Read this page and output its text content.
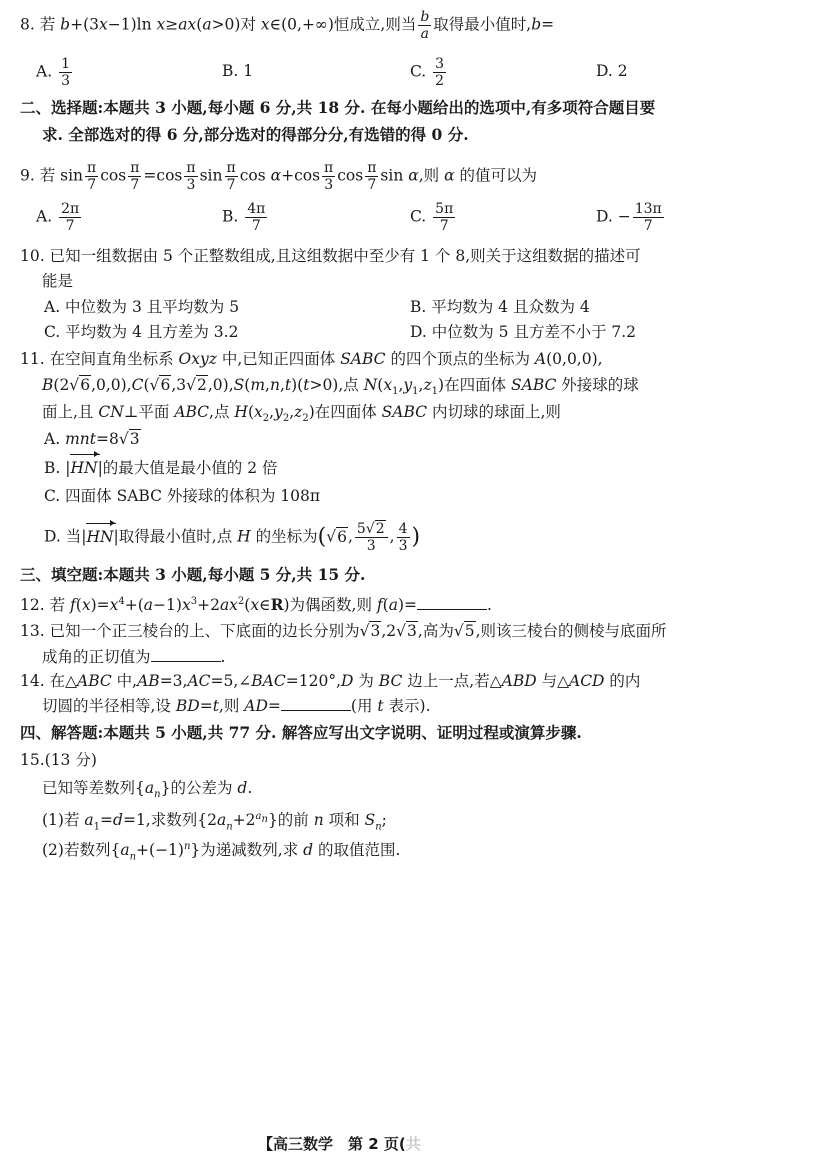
8. 若 b+(3x−1)ln x≥ax(a>0)对 x∈(0,+∞)恒成立,则当 $\frac{b}{a}$ 取得最小值时,b=
A. $\frac{1}{3}$	B. 1	C. $\frac{3}{2}$	D. 2
二、选择题:本题共 3 小题,每小题 6 分,共 18 分. 在每小题给出的选项中,有多项符合题目要
求. 全部选对的得 6 分,部分选对的得部分分,有选错的得 0 分.
9. 若 $\sin \frac{\pi}{7}$ $\cos \frac{\pi}{7} =\cos \frac{\pi}{3}$ $\sin \frac{\pi}{7}$ $\cos \alpha+\cos \frac{\pi}{3}$ $\cos \frac{\pi}{7}$ sin α,则 α 的值可以为
A. $\frac{2\pi}{7}$	B. $\frac{4\pi}{7}$	C. $\frac{5\pi}{7}$	D. − $\frac{13\pi}{7}$
10. 已知一组数据由 5 个正整数组成,且这组数据中至少有 1 个 8,则关于这组数据的描述可
能是
A. 中位数为 3 且平均数为 5	B. 平均数为 4 且众数为 4
C. 平均数为 4 且方差为 3.2	D. 中位数为 5 且方差不小于 7.2
11. 在空间直角坐标系 Oxyz 中,已知正四面体 SABC 的四个顶点的坐标为 A(0,0,0),
B(2√6,0,0),C(√6,3√2,0),S(m,n,t)(t>0),点 $N(x_1,y_1,z_1)$在四面体 SABC 外接球的球
面上,且 CN⊥平面 ABC,点 $H(x_2,y_2,z_2)$在四面体 SABC 内切球的球面上,则
A. mnt=8√3
B. |HN|的最大值是最小值的 2 倍
C. 四面体 SABC 外接球的体积为 108π
D. 当|HN|取得最小值时,点 H 的坐标为(√6, $\frac{5√2}{3}$ , $\frac{4}{3}$ )
三、填空题:本题共 3 小题,每小题 5 分,共 15 分.
12. 若 $f(x)=x^4+(a-1)x^3+2ax^2(x\in R)$为偶函数,则 f(a)=	.
13. 已知一个正三棱台的上、下底面的边长分别为√3,2√3,高为√5,则该三棱台的侧棱与底面所
成角的正切值为	.
14. 在△ABC 中,AB=3,AC=5,∠BAC=120°,D 为 BC 边上一点,若△ABD 与△ACD 的内
切圆的半径相等,设 BD=t,则 AD=	(用 t 表示).
四、解答题:本题共 5 小题,共 77 分. 解答应写出文字说明、证明过程或演算步骤.
15.(13 分)
已知等差数列$\{a_n\}$的公差为 d.
(1)若 $a_1=d=1$,求数列$\{2a_n+2^{a_n}\}$的前 n 项和 $S_n$;
(2)若数列$\{a_n+(-1)^n\}$为递减数列,求 d 的取值范围.
【高三数学　第 2 页(共
